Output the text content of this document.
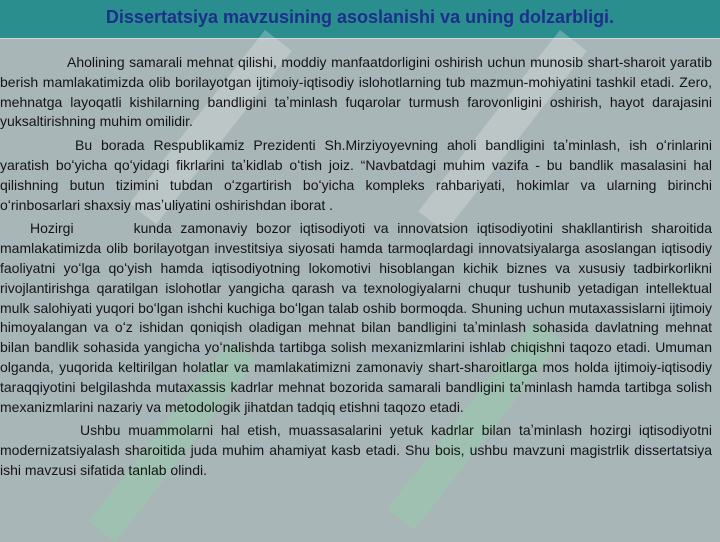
Dissertatsiya mavzusining asoslanishi va uning dolzarbligi.

Aholining samarali mehnat qilishi, moddiy manfaatdorligini oshirish uchun munosib shart-sharoit yaratib berish mamlakatimizda olib borilayotgan ijtimoiy-iqtisodiy islohotlarning tub mazmun-mohiyatini tashkil etadi. Zero, mehnatga layoqatli kishilarning bandligini taʼminlash fuqarolar turmush farovonligini oshirish, hayot darajasini yuksaltirishning muhim omilidir.

Bu borada Respublikamiz Prezidenti Sh.Mirziyoyevning aholi bandligini taʼminlash, ish oʻrinlarini yaratish boʻyicha qoʻyidagi fikrlarini taʼkidlab oʻtish joiz. “Navbatdagi muhim vazifa - bu bandlik masalasini hal qilishning butun tizimini tubdan oʻzgartirish boʻyicha kompleks rahbariyati, hokimlar va ularning birinchi oʻrinbosarlari shaxsiy masʼuliyatini oshirishdan iborat .

Hozirgi	kunda zamonaviy bozor iqtisodiyoti va innovatsion iqtisodiyotini shakllantirish sharoitida mamlakatimizda olib borilayotgan investitsiya siyosati hamda tarmoqlardagi innovatsiyalarga asoslangan iqtisodiy faoliyatni yoʻlga qoʻyish hamda iqtisodiyotning lokomotivi hisoblangan kichik biznes va xususiy tadbirkorlikni rivojlantirishga qaratilgan islohotlar yangicha qarash va texnologiyalarni chuqur tushunib yetadigan intellektual mulk salohiyati yuqori boʻlgan ishchi kuchiga boʻlgan talab oshib bormoqda. Shuning uchun mutaxassislarni ijtimoiy himoyalangan va oʻz ishidan qoniqish oladigan mehnat bilan bandligini taʼminlash sohasida davlatning mehnat bilan bandlik sohasida yangicha yoʻnalishda tartibga solish mexanizmlarini ishlab chiqishni taqozo etadi. Umuman olganda, yuqorida keltirilgan holatlar va mamlakatimizni zamonaviy shart-sharoitlarga mos holda ijtimoiy-iqtisodiy taraqqiyotini belgilashda mutaxassis kadrlar mehnat bozorida samarali bandligini taʼminlash hamda tartibga solish mexanizmlarini nazariy va metodologik jihatdan tadqiq etishni taqozo etadi.

Ushbu muammolarni hal etish, muassasalarini yetuk kadrlar bilan taʼminlash hozirgi iqtisodiyotni modernizatsiyalash sharoitida juda muhim ahamiyat kasb etadi. Shu bois, ushbu mavzuni magistrlik dissertatsiya ishi mavzusi sifatida tanlab olindi.
